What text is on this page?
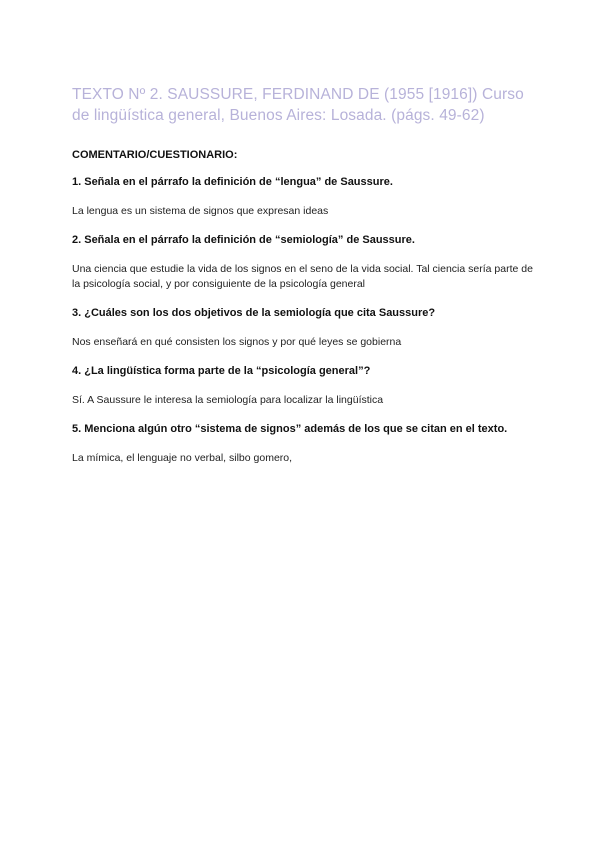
TEXTO Nº 2. SAUSSURE, FERDINAND DE (1955 [1916]) Curso de lingüística general, Buenos Aires: Losada. (págs. 49-62)

COMENTARIO/CUESTIONARIO:

1. Señala en el párrafo la definición de “lengua” de Saussure.

La lengua es un sistema de signos que expresan ideas

2. Señala en el párrafo la definición de “semiología” de Saussure.

Una ciencia que estudie la vida de los signos en el seno de la vida social. Tal ciencia sería parte de la psicología social, y por consiguiente de la psicología general

3. ¿Cuáles son los dos objetivos de la semiología que cita Saussure?

Nos enseñará en qué consisten los signos y por qué leyes se gobierna

4. ¿La lingüística forma parte de la “psicología general”?

Sí. A Saussure le interesa la semiología para localizar la lingüística

5. Menciona algún otro “sistema de signos” además de los que se citan en el texto.

La mímica, el lenguaje no verbal, silbo gomero,
